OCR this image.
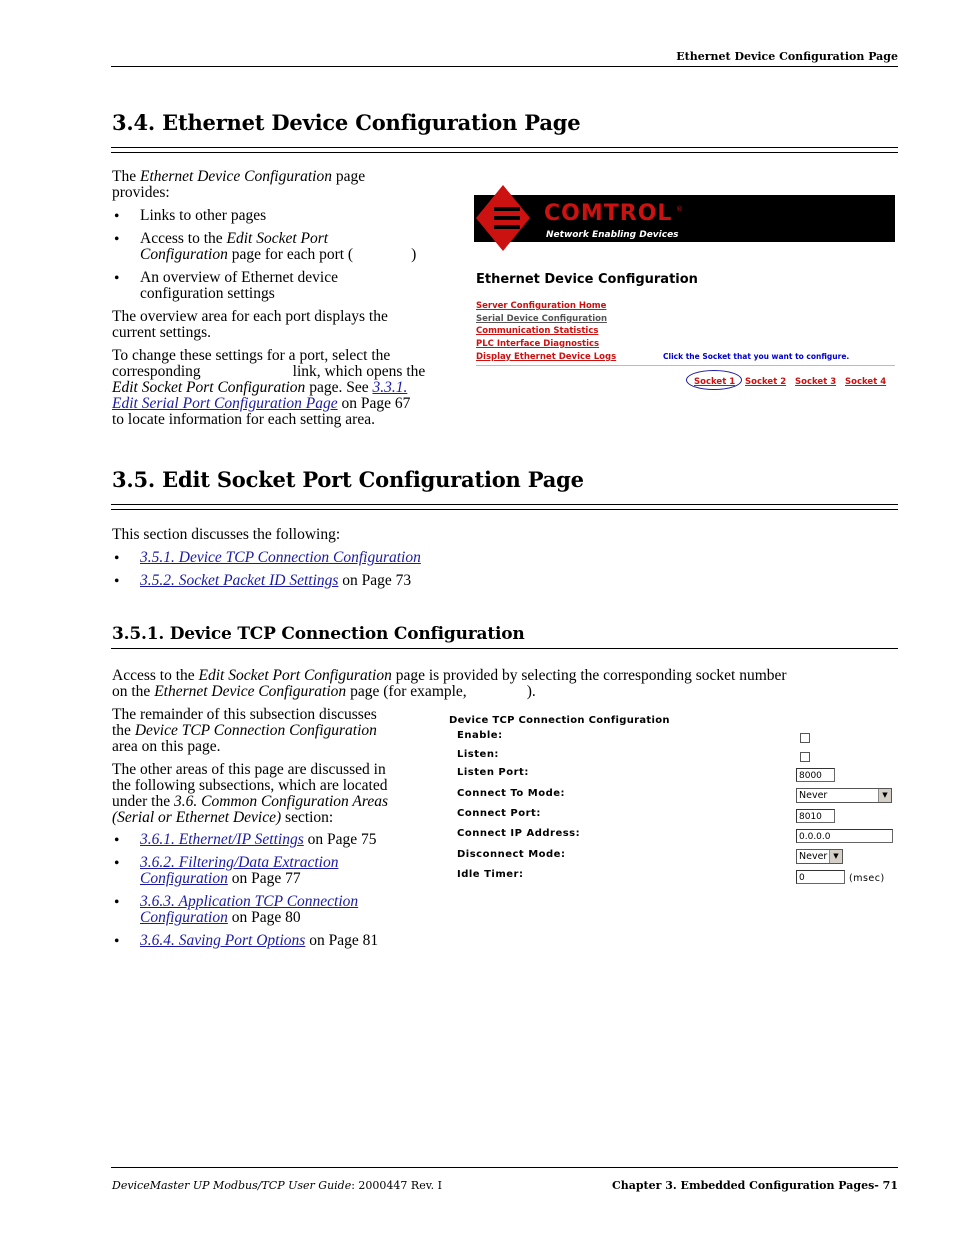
Ethernet Device Configuration Page
3.4. Ethernet Device Configuration Page
The Ethernet Device Configuration page
provides:
• Links to other pages
• Access to the Edit Socket Port
Configuration page for each port (	)
• An overview of Ethernet device
configuration settings
The overview area for each port displays the
current settings.
To change these settings for a port, select the
corresponding	link, which opens the
Edit Socket Port Configuration page. See 3.3.1.
Edit Serial Port Configuration Page on Page 67
to locate information for each setting area.
COMTROL ®
Network Enabling Devices
Ethernet Device Configuration
Server Configuration Home
Serial Device Configuration
Communication Statistics
PLC Interface Diagnostics
Display Ethernet Device Logs	Click the Socket that you want to configure.
Socket 1 Socket 2 Socket 3 Socket 4
3.5. Edit Socket Port Configuration Page
This section discusses the following:
• 3.5.1. Device TCP Connection Configuration
• 3.5.2. Socket Packet ID Settings on Page 73
3.5.1. Device TCP Connection Configuration
Access to the Edit Socket Port Configuration page is provided by selecting the corresponding socket number
on the Ethernet Device Configuration page (for example,	).
The remainder of this subsection discusses
the Device TCP Connection Configuration
area on this page.
The other areas of this page are discussed in
the following subsections, which are located
under the 3.6. Common Configuration Areas
(Serial or Ethernet Device) section:
• 3.6.1. Ethernet/IP Settings on Page 75
• 3.6.2. Filtering/Data Extraction
Configuration on Page 77
• 3.6.3. Application TCP Connection
Configuration on Page 80
• 3.6.4. Saving Port Options on Page 81
Device TCP Connection Configuration
Enable:
Listen:
Listen Port:	8000
Connect To Mode:	Never	▼
Connect Port:	8010
Connect IP Address:	0.0.0.0
Disconnect Mode:	Never ▼
Idle Timer:	0	(msec)
DeviceMaster UP Modbus/TCP User Guide: 2000447 Rev. I	Chapter 3. Embedded Configuration Pages- 71
